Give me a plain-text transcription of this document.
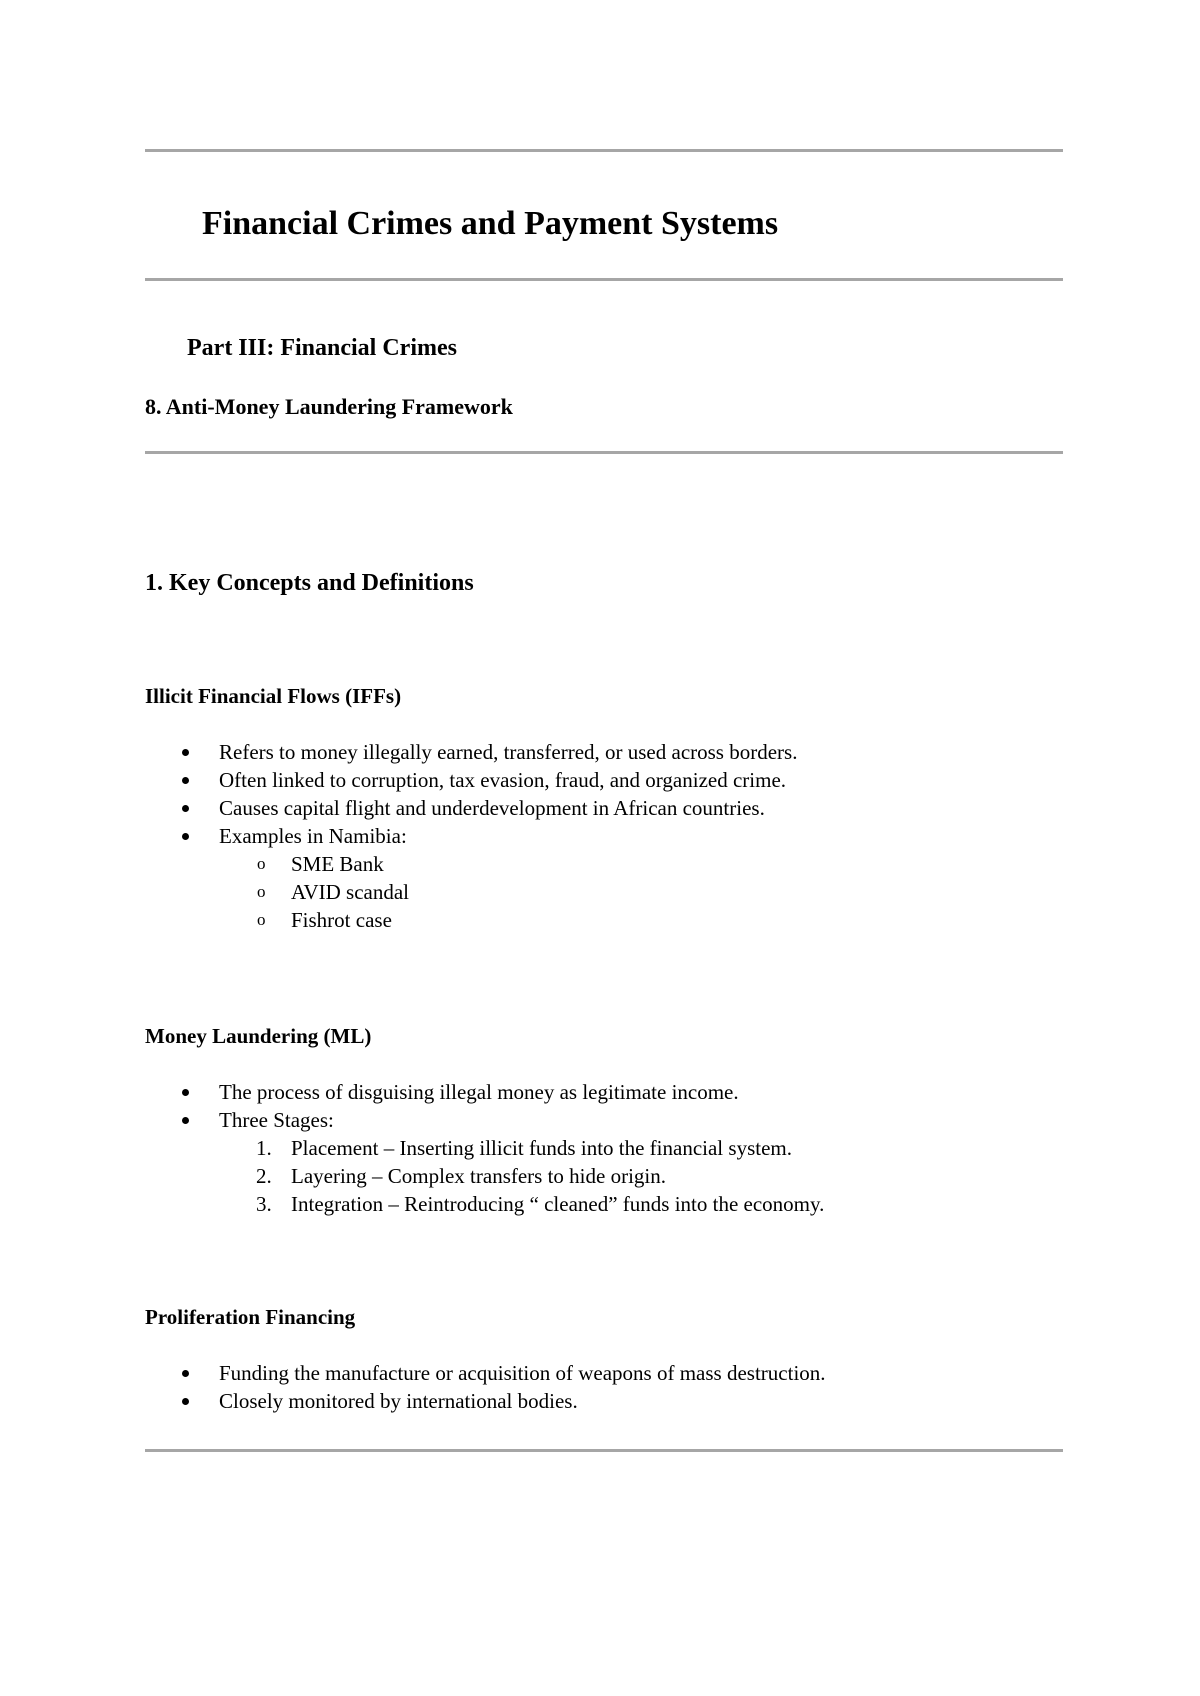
Financial Crimes and Payment Systems
Part III: Financial Crimes
8. Anti-Money Laundering Framework
1. Key Concepts and Definitions
Illicit Financial Flows (IFFs)
Refers to money illegally earned, transferred, or used across borders.
Often linked to corruption, tax evasion, fraud, and organized crime.
Causes capital flight and underdevelopment in African countries.
Examples in Namibia:
o SME Bank
o AVID scandal
o Fishrot case
Money Laundering (ML)
The process of disguising illegal money as legitimate income.
Three Stages:
1. Placement – Inserting illicit funds into the financial system.
2. Layering – Complex transfers to hide origin.
3. Integration – Reintroducing “ cleaned” funds into the economy.
Proliferation Financing
Funding the manufacture or acquisition of weapons of mass destruction.
Closely monitored by international bodies.
